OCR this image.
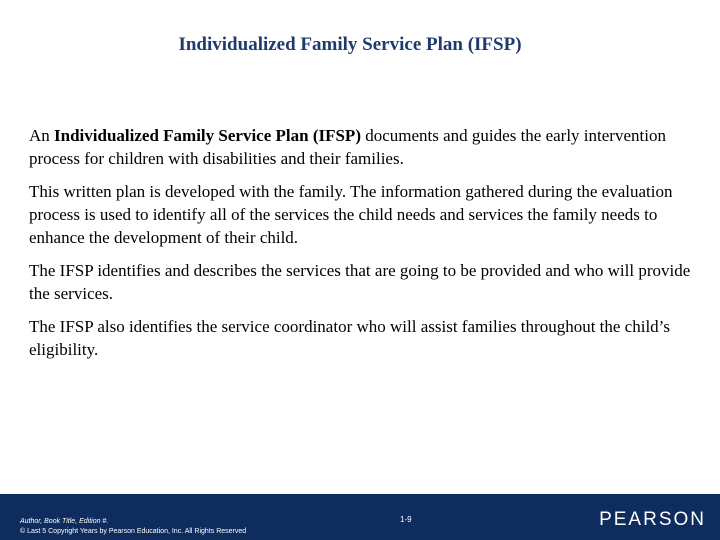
Individualized Family Service Plan (IFSP)

An Individualized Family Service Plan (IFSP) documents and guides the early intervention process for children with disabilities and their families.

This written plan is developed with the family. The information gathered during the evaluation process is used to identify all of the services the child needs and services the family needs to enhance the development of their child.

The IFSP identifies and describes the services that are going to be provided and who will provide the services.

The IFSP also identifies the service coordinator who will assist families throughout the child’s eligibility.

Author, Book Title, Edition #.
© Last 5 Copyright Years by Pearson Education, Inc. All Rights Reserved
1-9	PEARSON
